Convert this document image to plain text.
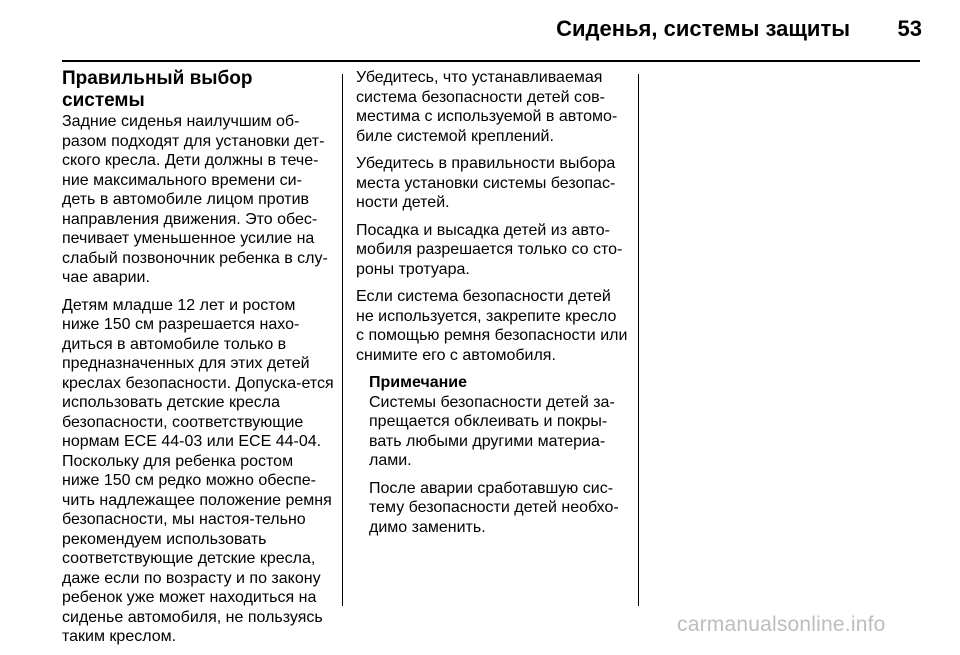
Сиденья, системы защиты 53
Правильный выбор системы

Задние сиденья наилучшим об-разом подходят для установки дет-ского кресла. Дети должны в тече-ние максимального времени си-деть в автомобиле лицом против направления движения. Это обес-печивает уменьшенное усилие на слабый позвоночник ребенка в слу-чае аварии.

Детям младше 12 лет и ростом ниже 150 см разрешается нахо-диться в автомобиле только в предназначенных для этих детей креслах безопасности. Допуска-ется использовать детские кресла безопасности, соответствующие нормам ECE 44-03 или ECE 44-04. Поскольку для ребенка ростом ниже 150 см редко можно обеспе-чить надлежащее положение ремня безопасности, мы настоя-тельно рекомендуем использовать соответствующие детские кресла, даже если по возрасту и по закону ребенок уже может находиться на сиденье автомобиля, не пользуясь таким креслом.

Убедитесь, что устанавливаемая система безопасности детей сов-местима с используемой в автомо-биле системой креплений.

Убедитесь в правильности выбора места установки системы безопас-ности детей.

Посадка и высадка детей из авто-мобиля разрешается только со сто-роны тротуара.

Если система безопасности детей не используется, закрепите кресло с помощью ремня безопасности или снимите его с автомобиля.

Примечание

Системы безопасности детей за-прещается обклеивать и покры-вать любыми другими материа-лами.

После аварии сработавшую сис-тему безопасности детей необхо-димо заменить.

carmanualsonline.info
